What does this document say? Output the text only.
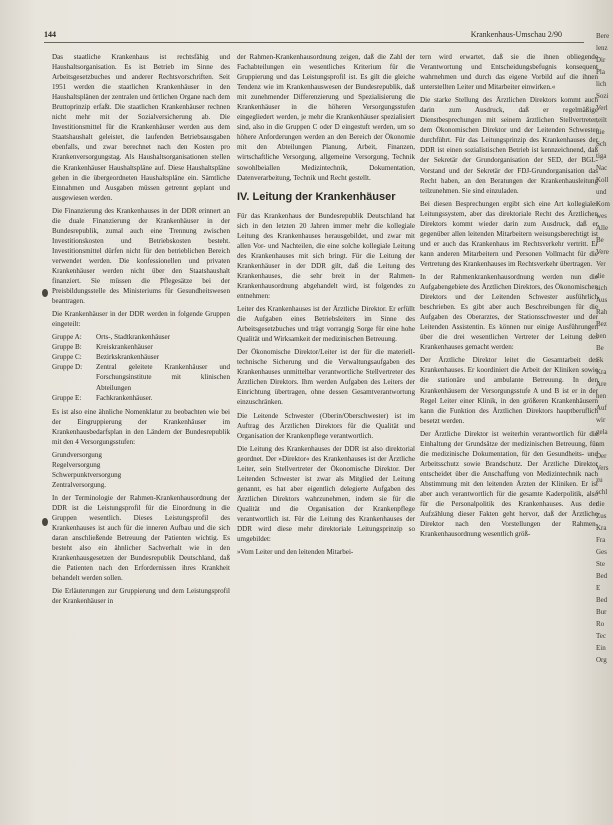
144	Krankenhaus-Umschau 2/90

Das staatliche Krankenhaus ist rechtsfähig und Haushaltsorganisation. Es ist Betrieb im Sinne des Arbeitsgesetzbuches und anderer Rechtsvorschriften. Seit 1951 werden die staatlichen Krankenhäuser in den Haushaltsplänen der zentralen und örtlichen Organe nach dem Bruttoprinzip erfaßt. Die staatlichen Krankenhäuser rechnen nicht mehr mit der Sozialversicherung ab. Die Investitionsmittel für die Krankenhäuser werden aus dem Staatshaushalt geleistet, die laufenden Betriebsausgaben ebenfalls, und zwar berechnet nach den Kosten pro Krankenversorgungstag. Als Haushaltsorganisationen stellen die Krankenhäuser Haushaltspläne auf. Diese Haushaltspläne gehen in die übergeordneten Haushaltspläne ein. Sämtliche Einnahmen und Ausgaben müssen getrennt geplant und ausgewiesen werden.

Die Finanzierung des Krankenhauses in der DDR erinnert an die duale Finanzierung der Krankenhäuser in der Bundesrepublik, zumal auch eine Trennung zwischen Investitionskosten und Betriebskosten besteht. Investitionsmittel dürfen nicht für den betrieblichen Bereich verwendet werden. Die konfessionellen und privaten Krankenhäuser werden nicht über den Staatshaushalt finanziert. Sie müssen die Pflegesätze bei der Preisbildungsstelle des Ministeriums für Gesundheitswesen beantragen.

Die Krankenhäuser in der DDR werden in folgende Gruppen eingeteilt:

Gruppe A:	Orts-, Stadtkrankenhäuser
Gruppe B:	Kreiskrankenhäuser
Gruppe C:	Bezirkskrankenhäuser
Gruppe D:	Zentral geleitete Krankenhäuser und Forschungsinstitute mit klinischen Abteilungen
Gruppe E:	Fachkrankenhäuser.

Es ist also eine ähnliche Nomenklatur zu beobachten wie bei der Eingruppierung der Krankenhäuser im Krankenhausbedarfsplan in den Ländern der Bundesrepublik mit den 4 Versorgungsstufen:

Grundversorgung

Regelversorgung

Schwerpunktversorgung

Zentralversorgung.

In der Terminologie der Rahmen-Krankenhausordnung der DDR ist die Leistungsprofil für die Einordnung in die Gruppen wesentlich. Dieses Leistungsprofil des Krankenhauses ist auch für die inneren Aufbau und die sich daran anschließende Betreuung der Patienten wichtig. Es besteht also ein ähnlicher Sachverhalt wie in den Krankenhausgesetzen der Bundesrepublik Deutschland, daß die Patienten nach den Erfordernissen ihres Krankheit behandelt werden sollen.

Die Erläuterungen zur Gruppierung und dem Leistungsprofil der Krankenhäuser in

der Rahmen-Krankenhausordnung zeigen, daß die Zahl der Fachabteilungen ein wesentliches Kriterium für die Gruppierung und das Leistungsprofil ist. Es gilt die gleiche Tendenz wie im Krankenhauswesen der Bundesrepublik, daß mit zunehmender Differenzierung und Spezialisierung die Krankenhäuser in die höheren Versorgungsstufen eingegliedert werden, je mehr die Krankenhäuser spezialisiert sind, also in die Gruppen C oder D eingestuft werden, um so höhere Anforderungen werden an den Bereich der Ökonomie mit den Abteilungen Planung, Arbeit, Finanzen, wirtschaftliche Versorgung, allgemeine Versorgung, Technik sowohlbeiallen Medizintechnik, Dokumentation, Datenverarbeitung, Technik und Recht gestellt.

IV. Leitung der Krankenhäuser

Für das Krankenhaus der Bundesrepublik Deutschland hat sich in den letzten 20 Jahren immer mehr die kollegiale Leitung des Krankenhauses herausgebildet, und zwar mit allen Vor- und Nachteilen, die eine solche kollegiale Leitung des Krankenhauses mit sich bringt. Für die Leitung der Krankenhäuser in der DDR gilt, daß die Leitung des Krankenhauses, die sehr breit in der Rahmen-Krankenhausordnung abgehandelt wird, ist folgendes zu entnehmen:

Leiter des Krankenhauses ist der Ärztliche Direktor. Er erfüllt die Aufgaben eines Betriebsleiters im Sinne des Arbeitsgesetzbuches und trägt vorrangig Sorge für eine hohe Qualität und Wirksamkeit der medizinischen Betreuung.

Der Ökonomische Direktor/Leiter ist der für die materiell-technische Sicherung und die Verwaltungsaufgaben des Krankenhauses unmittelbar verantwortliche Stellvertreter des Ärztlichen Direktors. Ihm werden Aufgaben des Leiters der Einrichtung übertragen, ohne dessen Gesamtverantwortung einzuschränken.

Die Leitende Schwester (Oberin/Oberschwester) ist im Auftrag des Ärztlichen Direktors für die Qualität und Organisation der Krankenpflege verantwortlich.

Die Leitung des Krankenhauses der DDR ist also direktorial geordnet. Der »Direktor« des Krankenhauses ist der Ärztliche Leiter, sein Stellvertreter der Ökonomische Direktor. Der Leitenden Schwester ist zwar als Mitglied der Leitung genannt, es hat aber eigentlich delegierte Aufgaben des Ärztlichen Direktors wahrzunehmen, indem sie für die Qualität und die Organisation der Krankenpflege verantwortlich ist. Für die Leitung des Krankenhauses der DDR wird diese mehr direktoriale Leitungsprinzip so umgebildet:

»Vom Leiter und den leitenden Mitarbei-

tern wird erwartet, daß sie die ihnen obliegende Verantwortung und Entscheidungsbefugnis konsequent wahrnehmen und durch das eigene Vorbild auf die ihnen unterstellten Leiter und Mitarbeiter einwirken.«

Die starke Stellung des Ärztlichen Direktors kommt auch darin zum Ausdruck, daß er regelmäßige Dienstbesprechungen mit seinem ärztlichen Stellvertreter, dem Ökonomischen Direktor und der Leitenden Schwester durchführt. Für das Leitungsprinzip des Krankenhauses der DDR ist einen sozialistischen Betrieb ist kennzeichnend, daß der Sekretär der Grundorganisation der SED, der BGL-Vorstand und der Sekretär der FDJ-Grundorganisation das Recht haben, an den Beratungen der Krankenhausleitung teilzunehmen. Sie sind einzuladen.

Bei diesen Besprechungen ergibt sich eine Art kollegiales Leitungssystem, aber das direktoriale Recht des Ärztlichen Direktors kommt wieder darin zum Ausdruck, daß er gegenüber allen leitenden Mitarbeitern weisungsberechtigt ist und er auch das Krankenhaus im Rechtsverkehr vertritt. Er kann anderen Mitarbeitern und Personen Vollmacht für die Vertretung des Krankenhauses im Rechtsverkehr übertragen.

In der Rahmenkrankenhausordnung werden nun die Aufgabengebiete des Ärztlichen Direktors, des Ökonomischen Direktors und der Leitenden Schwester ausführlich beschrieben. Es gibt aber auch Beschreibungen für die Aufgaben des Oberarztes, der Stationsschwester und der Leitenden Assistentin. Es können nur einige Ausführungen über die drei wesentlichen Vertreter der Leitung des Krankenhauses gemacht werden:

Der Ärztliche Direktor leitet die Gesamtarbeit des Krankenhauses. Er koordiniert die Arbeit der Kliniken sowie die stationäre und ambulante Betreuung. In den Krankenhäusern der Versorgungsstufe A und B ist er in der Regel Leiter einer Klinik, in den größeren Krankenhäusern kann die Funktion des Ärztlichen Direktors hauptberuflich besetzt werden.

Der Ärztliche Direktor ist weiterhin verantwortlich für die Einhaltung der Grundsätze der medizinischen Betreuung, für die medizinische Dokumentation, für den Gesundheits- und Arbeitsschutz sowie Brandschutz. Der Ärztliche Direktor entscheidet über die Anschaffung von Medizintechnik nach Abstimmung mit den leitenden Ärzten der Kliniken. Er ist aber auch verantwortlich für die gesamte Kaderpolitik, also für die Personalpolitik des Krankenhauses. Aus der Aufzählung dieser Fakten geht hervor, daß der Ärztliche Direktor nach den Vorstellungen der Rahmen-Krankenhausordnung wesentlich größ-

Bere
lenz
Dir
Pla
lich
Sozi
Verl
teilt
die
Sch
tiga
Nac
Koll
und
Kom
wes
Alle
Be
Vere
Ver
die
sich
Aus
Rah
Bez
hen
Be
Sk
Kra
Are
hen
Auf
wir
gela
am
Der
Vers
zu
schl
die
Zus
Kra
Fra
Ges
Ste
Bed
E
Bed
Bur
Ro
Tec
Ein
Org
